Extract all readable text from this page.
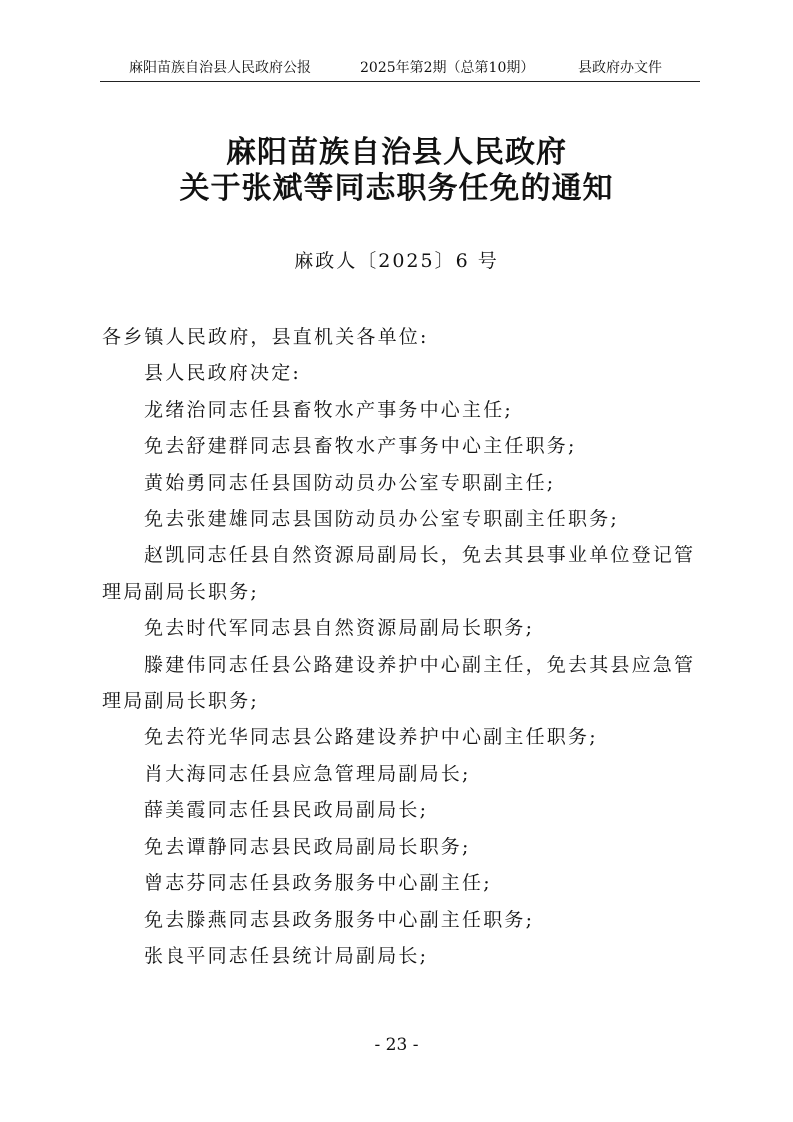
麻阳苗族自治县人民政府公报	2025年第2期（总第10期）	县政府办文件
麻阳苗族自治县人民政府
关于张斌等同志职务任免的通知
麻政人〔2025〕6 号

各乡镇人民政府，县直机关各单位:

县人民政府决定:

龙绪治同志任县畜牧水产事务中心主任;

免去舒建群同志县畜牧水产事务中心主任职务;

黄始勇同志任县国防动员办公室专职副主任;

免去张建雄同志县国防动员办公室专职副主任职务;

赵凯同志任县自然资源局副局长，免去其县事业单位登记管理局副局长职务;

免去时代军同志县自然资源局副局长职务;

滕建伟同志任县公路建设养护中心副主任，免去其县应急管理局副局长职务;

免去符光华同志县公路建设养护中心副主任职务;

肖大海同志任县应急管理局副局长;

薛美霞同志任县民政局副局长;

免去谭静同志县民政局副局长职务;

曾志芬同志任县政务服务中心副主任;

免去滕燕同志县政务服务中心副主任职务;

张良平同志任县统计局副局长;

- 23 -
